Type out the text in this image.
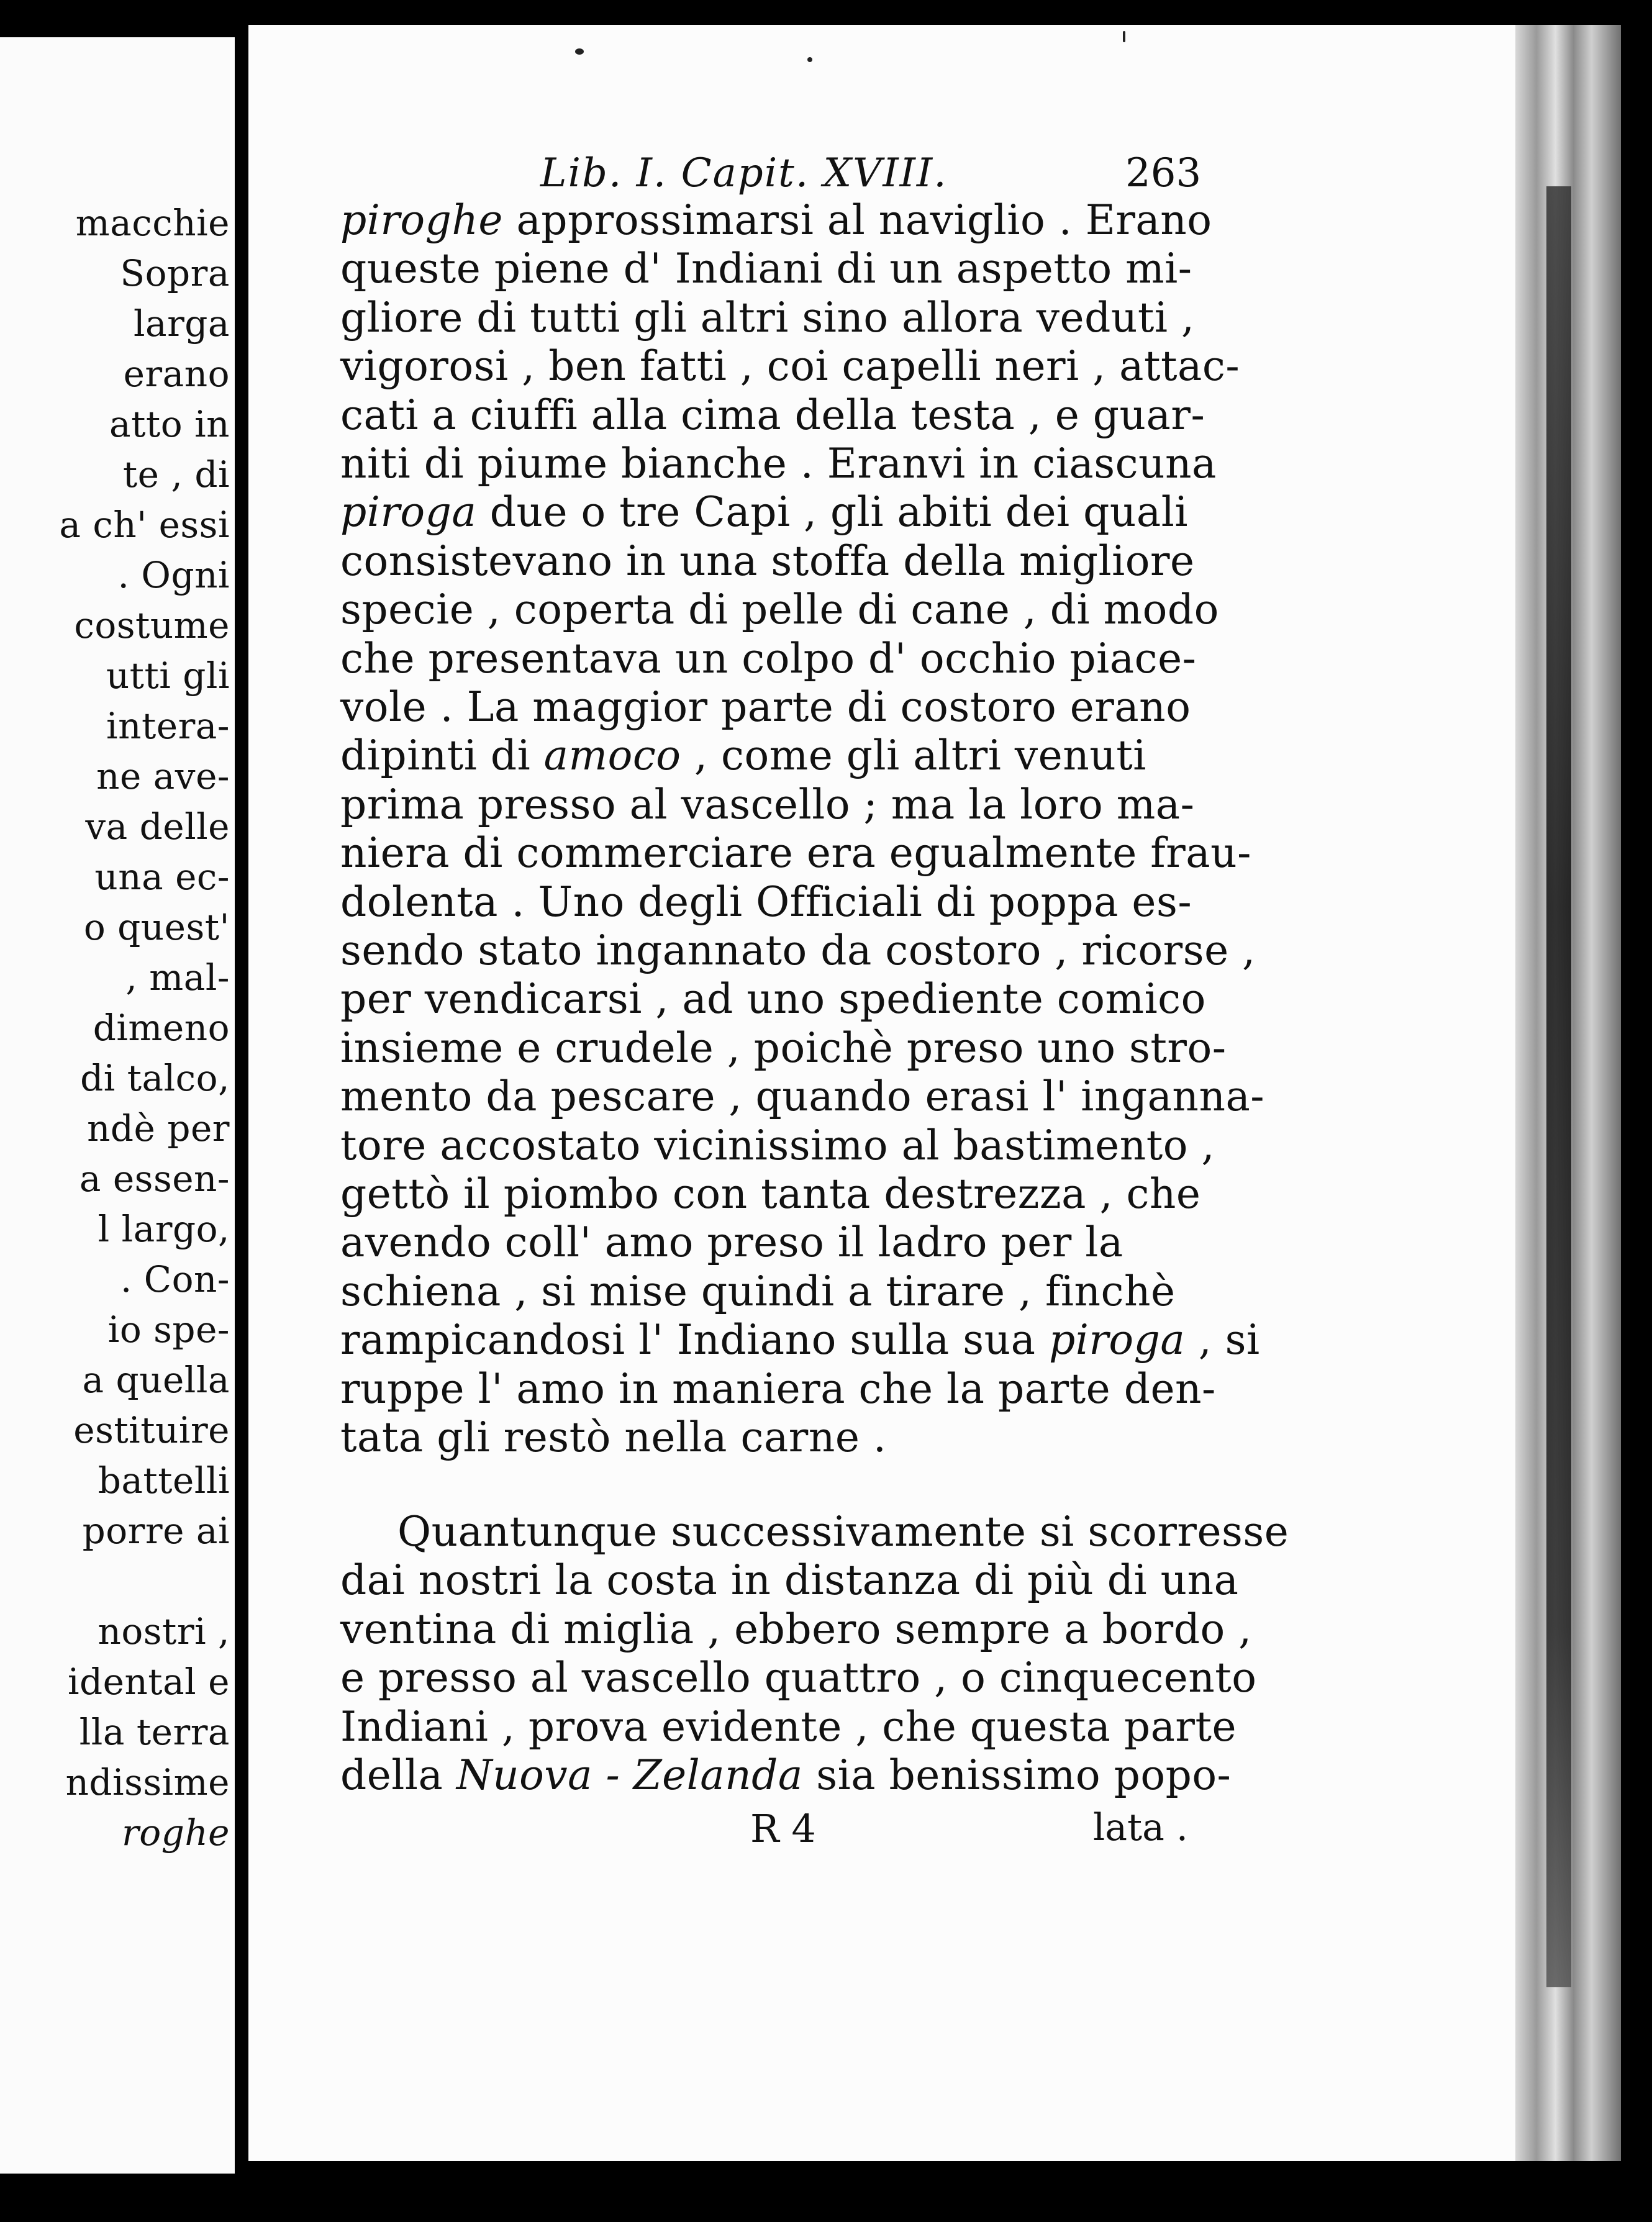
macchie
Sopra
larga
erano
atto in
te , di
a ch' essi
. Ogni
costume
utti gli
intera-
ne ave-
va delle
una ec-
o quest'
, mal-
dimeno
di talco,
ndè per
a essen-
l largo,
. Con-
io spe-
a quella
estituire
battelli
porre ai
nostri ,
idental e
lla terra
ndissime
roghe
Lib. I. Capit. XVIII.	263
piroghe approssimarsi al naviglio . Erano
queste piene d' Indiani di un aspetto mi-
gliore di tutti gli altri sino allora veduti ,
vigorosi , ben fatti , coi capelli neri , attac-
cati a ciuffi alla cima della testa , e guar-
niti di piume bianche . Eranvi in ciascuna
piroga due o tre Capi , gli abiti dei quali
consistevano in una stoffa della migliore
specie , coperta di pelle di cane , di modo
che presentava un colpo d' occhio piace-
vole . La maggior parte di costoro erano
dipinti di amoco , come gli altri venuti
prima presso al vascello ; ma la loro ma-
niera di commerciare era egualmente frau-
dolenta . Uno degli Officiali di poppa es-
sendo stato ingannato da costoro , ricorse ,
per vendicarsi , ad uno spediente comico
insieme e crudele , poichè preso uno stro-
mento da pescare , quando erasi l' inganna-
tore accostato vicinissimo al bastimento ,
gettò il piombo con tanta destrezza , che
avendo coll' amo preso il ladro per la
schiena , si mise quindi a tirare , finchè
rampicandosi l' Indiano sulla sua piroga , si
ruppe l' amo in maniera che la parte den-
tata gli restò nella carne .
Quantunque successivamente si scorresse
dai nostri la costa in distanza di più di una
ventina di miglia , ebbero sempre a bordo ,
e presso al vascello quattro , o cinquecento
Indiani , prova evidente , che questa parte
della Nuova - Zelanda sia benissimo popo-
R 4	lata .
